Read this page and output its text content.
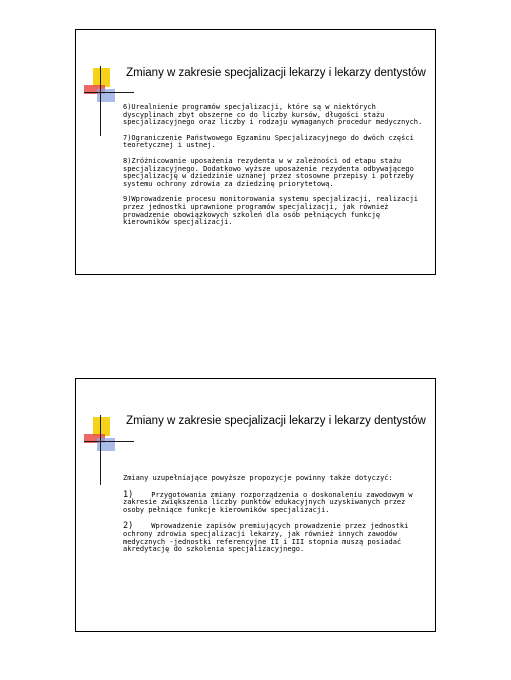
Zmiany w zakresie specjalizacji lekarzy i lekarzy dentystów

6)Urealnienie programów specjalizacji, które są w niektórych dyscyplinach zbyt obszerne co do liczby kursów, długości stażu specjalizacyjnego oraz liczby i rodzaju wymaganych procedur medycznych.

7)Ograniczenie Państwowego Egzaminu Specjalizacyjnego do dwóch części teoretycznej i ustnej.

8)Zróżnicowanie uposażenia rezydenta w w zależności od etapu stażu specjalizacyjnego. Dodatkowo wyższe uposażenie rezydenta odbywającego specjalizację w dziedzinie uznanej przez stosowne przepisy i potrzeby systemu ochrony zdrowia za dziedzinę priorytetową.

9)Wprowadzenie procesu monitorowania systemu specjalizacji, realizacji przez jednostki uprawnione programów specjalizacji, jak również prowadzenie obowiązkowych szkoleń dla osób pełniących funkcję kierowników specjalizacji.

Zmiany w zakresie specjalizacji lekarzy i lekarzy dentystów

Zmiany uzupełniające powyższe propozycje powinny także dotyczyć:

1)	Przygotowania zmiany rozporządzenia o doskonaleniu zawodowym w zakresie zwiększenia liczby punktów edukacyjnych uzyskiwanych przez osoby pełniące funkcje kierowników specjalizacji.

2)	Wprowadzenie zapisów premiujących prowadzenie przez jednostki ochrony zdrowia specjalizacji lekarzy, jak również innych zawodów medycznych -jednostki referencyjne II i III stopnia muszą posiadać akredytację do szkolenia specjalizacyjnego.
